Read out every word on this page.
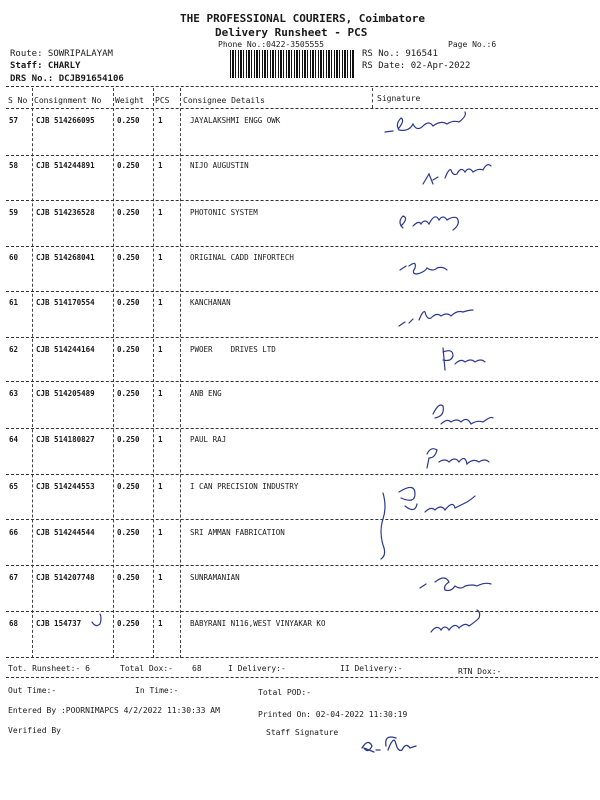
THE PROFESSIONAL COURIERS, Coimbatore
Delivery Runsheet - PCS
Phone No.:0422-3505555	Page No.:6
Route: SOWRIPALAYAM
Staff: CHARLY
DRS No.: DCJB91654106
RS No.: 916541
RS Date: 02-Apr-2022
S No Consignment No Weight PCS Consignee Details	Signature
57 CJB 514266095	0.250 1	JAYALAKSHMI ENGG OWK
58 CJB 514244891	0.250 1	NIJO AUGUSTIN
59 CJB 514236528	0.250 1	PHOTONIC SYSTEM
60 CJB 514268041	0.250 1	ORIGINAL CADD INFORTECH
61 CJB 514170554	0.250 1	KANCHANAN
62 CJB 514244164	0.250 1	PWOER    DRIVES LTD
63 CJB 514205489	0.250 1	ANB ENG
64 CJB 514180827	0.250 1	PAUL RAJ
65 CJB 514244553	0.250 1	I CAN PRECISION INDUSTRY
66 CJB 514244544	0.250 1	SRI AMMAN FABRICATION
67 CJB 514207748	0.250 1	SUNRAMANIAN
68 CJB 154737	0.250 1	BABYRANI N116,WEST VINYAKAR KO
Tot. Runsheet:- 6	Total Dox:- 68	I Delivery:-	II Delivery:-	RTN Dox:-
Out Time:-	In Time:-	Total POD:-
Entered By :POORNIMAPCS 4/2/2022 11:30:33 AM	Printed On: 02-04-2022 11:30:19
Verified By	Staff Signature
